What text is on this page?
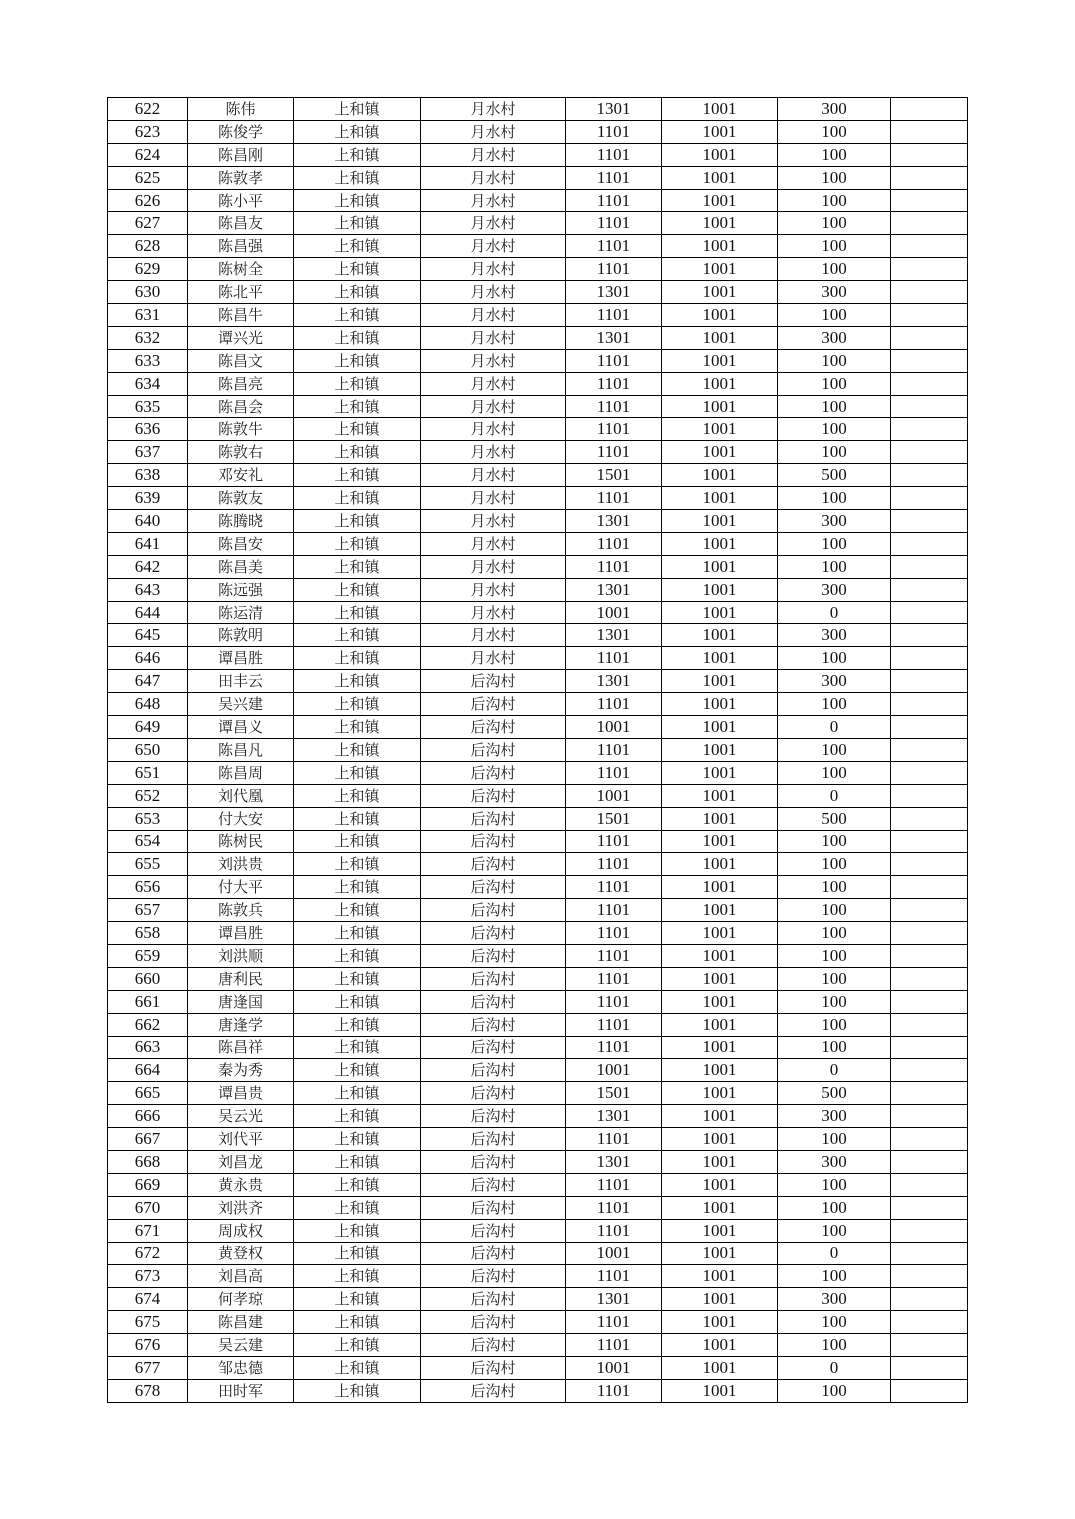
622	陈伟	上和镇	月水村	1301	1001	300	
623	陈俊学	上和镇	月水村	1101	1001	100	
624	陈昌刚	上和镇	月水村	1101	1001	100	
625	陈敦孝	上和镇	月水村	1101	1001	100	
626	陈小平	上和镇	月水村	1101	1001	100	
627	陈昌友	上和镇	月水村	1101	1001	100	
628	陈昌强	上和镇	月水村	1101	1001	100	
629	陈树全	上和镇	月水村	1101	1001	100	
630	陈北平	上和镇	月水村	1301	1001	300	
631	陈昌牛	上和镇	月水村	1101	1001	100	
632	谭兴光	上和镇	月水村	1301	1001	300	
633	陈昌文	上和镇	月水村	1101	1001	100	
634	陈昌亮	上和镇	月水村	1101	1001	100	
635	陈昌会	上和镇	月水村	1101	1001	100	
636	陈敦牛	上和镇	月水村	1101	1001	100	
637	陈敦右	上和镇	月水村	1101	1001	100	
638	邓安礼	上和镇	月水村	1501	1001	500	
639	陈敦友	上和镇	月水村	1101	1001	100	
640	陈腾晓	上和镇	月水村	1301	1001	300	
641	陈昌安	上和镇	月水村	1101	1001	100	
642	陈昌美	上和镇	月水村	1101	1001	100	
643	陈远强	上和镇	月水村	1301	1001	300	
644	陈运清	上和镇	月水村	1001	1001	0	
645	陈敦明	上和镇	月水村	1301	1001	300	
646	谭昌胜	上和镇	月水村	1101	1001	100	
647	田丰云	上和镇	后沟村	1301	1001	300	
648	吴兴建	上和镇	后沟村	1101	1001	100	
649	谭昌义	上和镇	后沟村	1001	1001	0	
650	陈昌凡	上和镇	后沟村	1101	1001	100	
651	陈昌周	上和镇	后沟村	1101	1001	100	
652	刘代凰	上和镇	后沟村	1001	1001	0	
653	付大安	上和镇	后沟村	1501	1001	500	
654	陈树民	上和镇	后沟村	1101	1001	100	
655	刘洪贵	上和镇	后沟村	1101	1001	100	
656	付大平	上和镇	后沟村	1101	1001	100	
657	陈敦兵	上和镇	后沟村	1101	1001	100	
658	谭昌胜	上和镇	后沟村	1101	1001	100	
659	刘洪顺	上和镇	后沟村	1101	1001	100	
660	唐利民	上和镇	后沟村	1101	1001	100	
661	唐逢国	上和镇	后沟村	1101	1001	100	
662	唐逢学	上和镇	后沟村	1101	1001	100	
663	陈昌祥	上和镇	后沟村	1101	1001	100	
664	秦为秀	上和镇	后沟村	1001	1001	0	
665	谭昌贵	上和镇	后沟村	1501	1001	500	
666	吴云光	上和镇	后沟村	1301	1001	300	
667	刘代平	上和镇	后沟村	1101	1001	100	
668	刘昌龙	上和镇	后沟村	1301	1001	300	
669	黄永贵	上和镇	后沟村	1101	1001	100	
670	刘洪齐	上和镇	后沟村	1101	1001	100	
671	周成权	上和镇	后沟村	1101	1001	100	
672	黄登权	上和镇	后沟村	1001	1001	0	
673	刘昌高	上和镇	后沟村	1101	1001	100	
674	何孝琼	上和镇	后沟村	1301	1001	300	
675	陈昌建	上和镇	后沟村	1101	1001	100	
676	吴云建	上和镇	后沟村	1101	1001	100	
677	邹忠德	上和镇	后沟村	1001	1001	0	
678	田时军	上和镇	后沟村	1101	1001	100	
